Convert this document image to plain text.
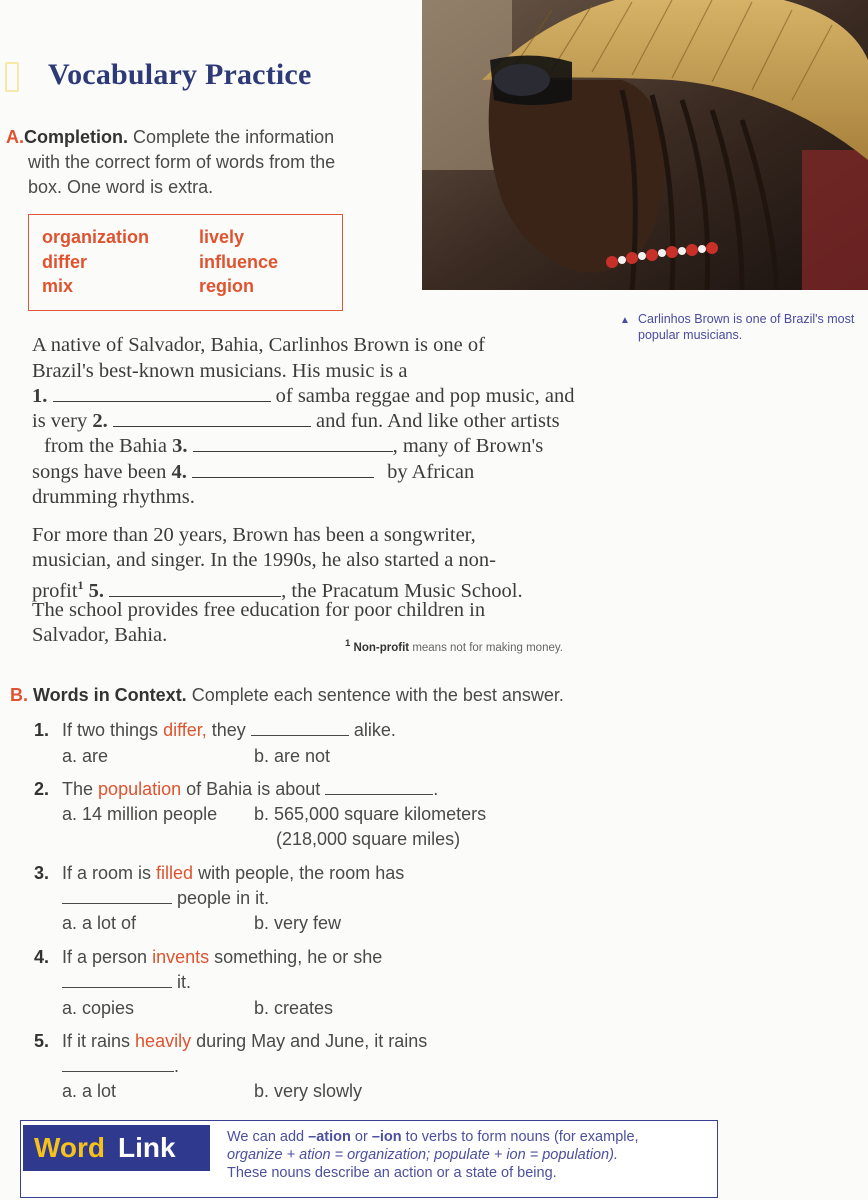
Vocabulary Practice
▲ Carlinhos Brown is one of Brazil's most popular musicians.
A.Completion. Complete the information
with the correct form of words from the
box. One word is extra.
organization	lively
differ	influence
mix	region
A native of Salvador, Bahia, Carlinhos Brown is one of
Brazil's best-known musicians. His music is a
1.	of samba reggae and pop music, and
is very 2.	and fun. And like other artists
from the Bahia 3.	, many of Brown's
songs have been 4.	by African
drumming rhythms.
For more than 20 years, Brown has been a songwriter,
musician, and singer. In the 1990s, he also started a non-
profit$^1$ 5.	, the Pracatum Music School.
The school provides free education for poor children in
Salvador, Bahia.	$^1$ Non-profit means not for making money.
B. Words in Context. Complete each sentence with the best answer.
1. If two things differ, they	alike.
a. are	b. are not
2. The population of Bahia is about	.
a. 14 million people b. 565,000 square kilometers
(218,000 square miles)
3. If a room is filled with people, the room has
people in it.
a. a lot of	b. very few
4. If a person invents something, he or she
it.
a. copies	b. creates
5. If it rains heavily during May and June, it rains
.
a. a lot	b. very slowly
Word Link	We can add –ation or –ion to verbs to form nouns (for example,
organize + ation = organization; populate + ion = population).
These nouns describe an action or a state of being.
